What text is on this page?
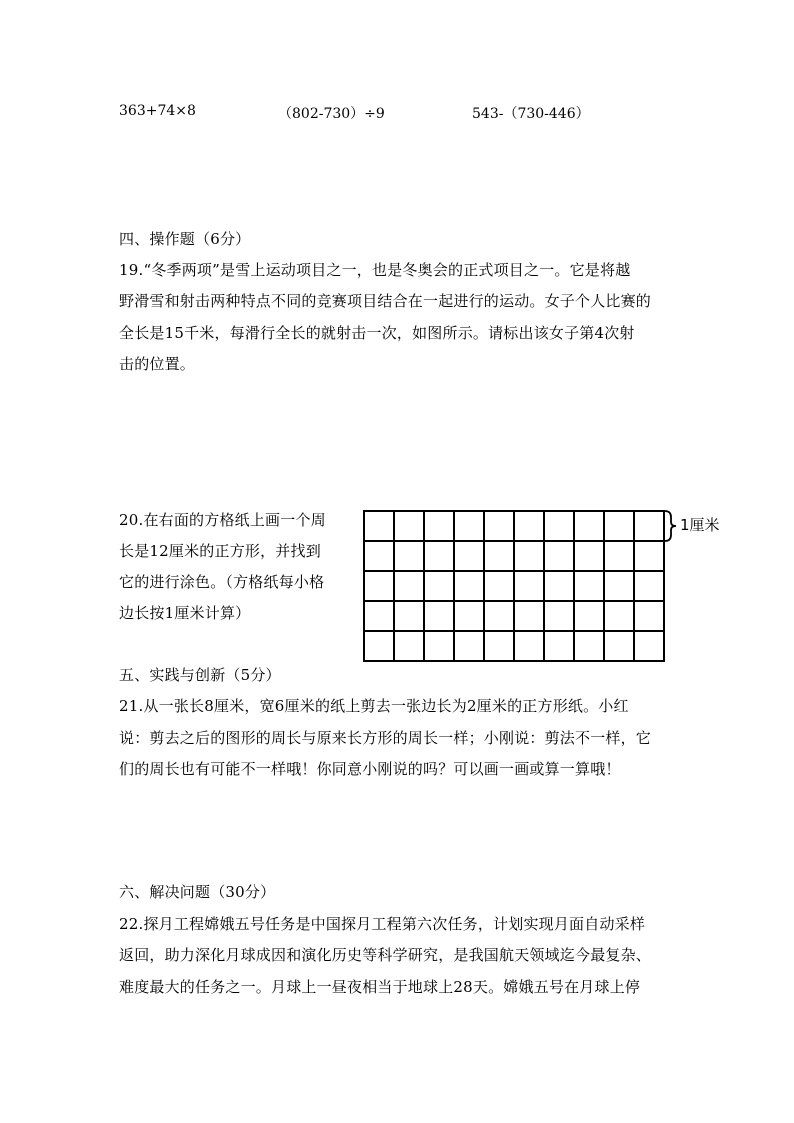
363+74×8	（802-730）÷9	543-（730-446）
四、操作题（6分）
19.“冬季两项”是雪上运动项目之一，也是冬奥会的正式项目之一。它是将越
野滑雪和射击两种特点不同的竞赛项目结合在一起进行的运动。女子个人比赛的
全长是15千米，每滑行全长的就射击一次，如图所示。请标出该女子第4次射
击的位置。
20.在右面的方格纸上画一个周
长是12厘米的正方形，并找到
它的进行涂色。（方格纸每小格
边长按1厘米计算）
1厘米
五、实践与创新（5分）
21.从一张长8厘米，宽6厘米的纸上剪去一张边长为2厘米的正方形纸。小红
说：剪去之后的图形的周长与原来长方形的周长一样；小刚说：剪法不一样，它
们的周长也有可能不一样哦！你同意小刚说的吗？可以画一画或算一算哦！
六、解决问题（30分）
22.探月工程嫦娥五号任务是中国探月工程第六次任务，计划实现月面自动采样
返回，助力深化月球成因和演化历史等科学研究，是我国航天领域迄今最复杂、
难度最大的任务之一。月球上一昼夜相当于地球上28天。嫦娥五号在月球上停
